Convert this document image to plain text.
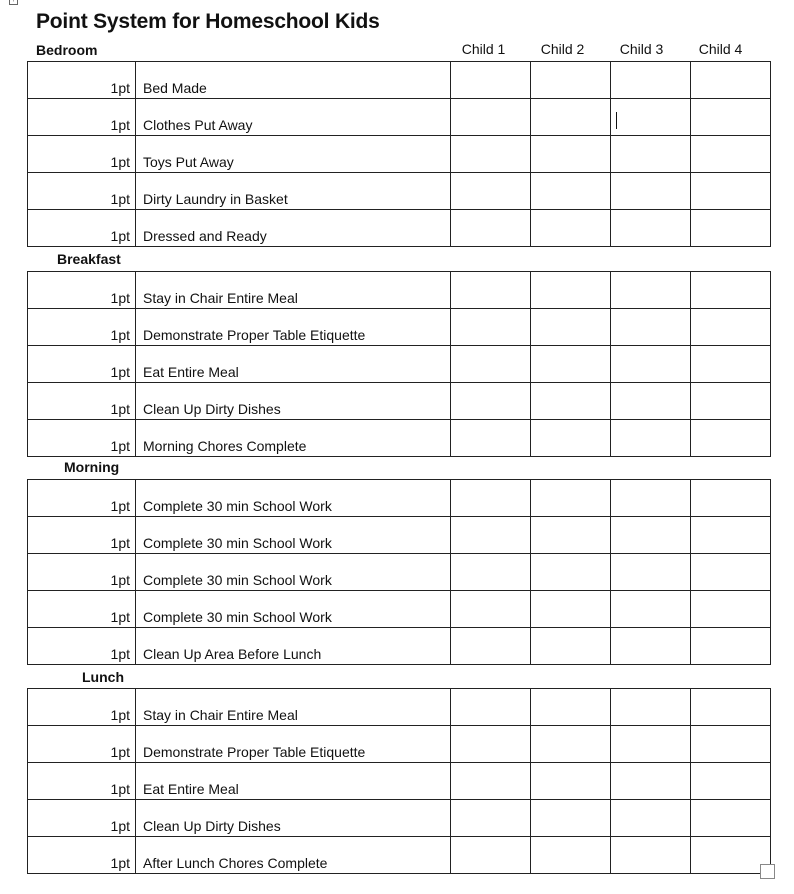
+
Point System for Homeschool Kids
Child 1	Child 2	Child 3	Child 4
Bedroom
1pt	Bed Made				
1pt	Clothes Put Away				
1pt	Toys Put Away				
1pt	Dirty Laundry in Basket				
1pt	Dressed and Ready				
Breakfast
1pt	Stay in Chair Entire Meal				
1pt	Demonstrate Proper Table Etiquette				
1pt	Eat Entire Meal				
1pt	Clean Up Dirty Dishes				
1pt	Morning Chores Complete				
Morning
1pt	Complete 30 min School Work				
1pt	Complete 30 min School Work				
1pt	Complete 30 min School Work				
1pt	Complete 30 min School Work				
1pt	Clean Up Area Before Lunch				
Lunch
1pt	Stay in Chair Entire Meal				
1pt	Demonstrate Proper Table Etiquette				
1pt	Eat Entire Meal				
1pt	Clean Up Dirty Dishes				
1pt	After Lunch Chores Complete				
